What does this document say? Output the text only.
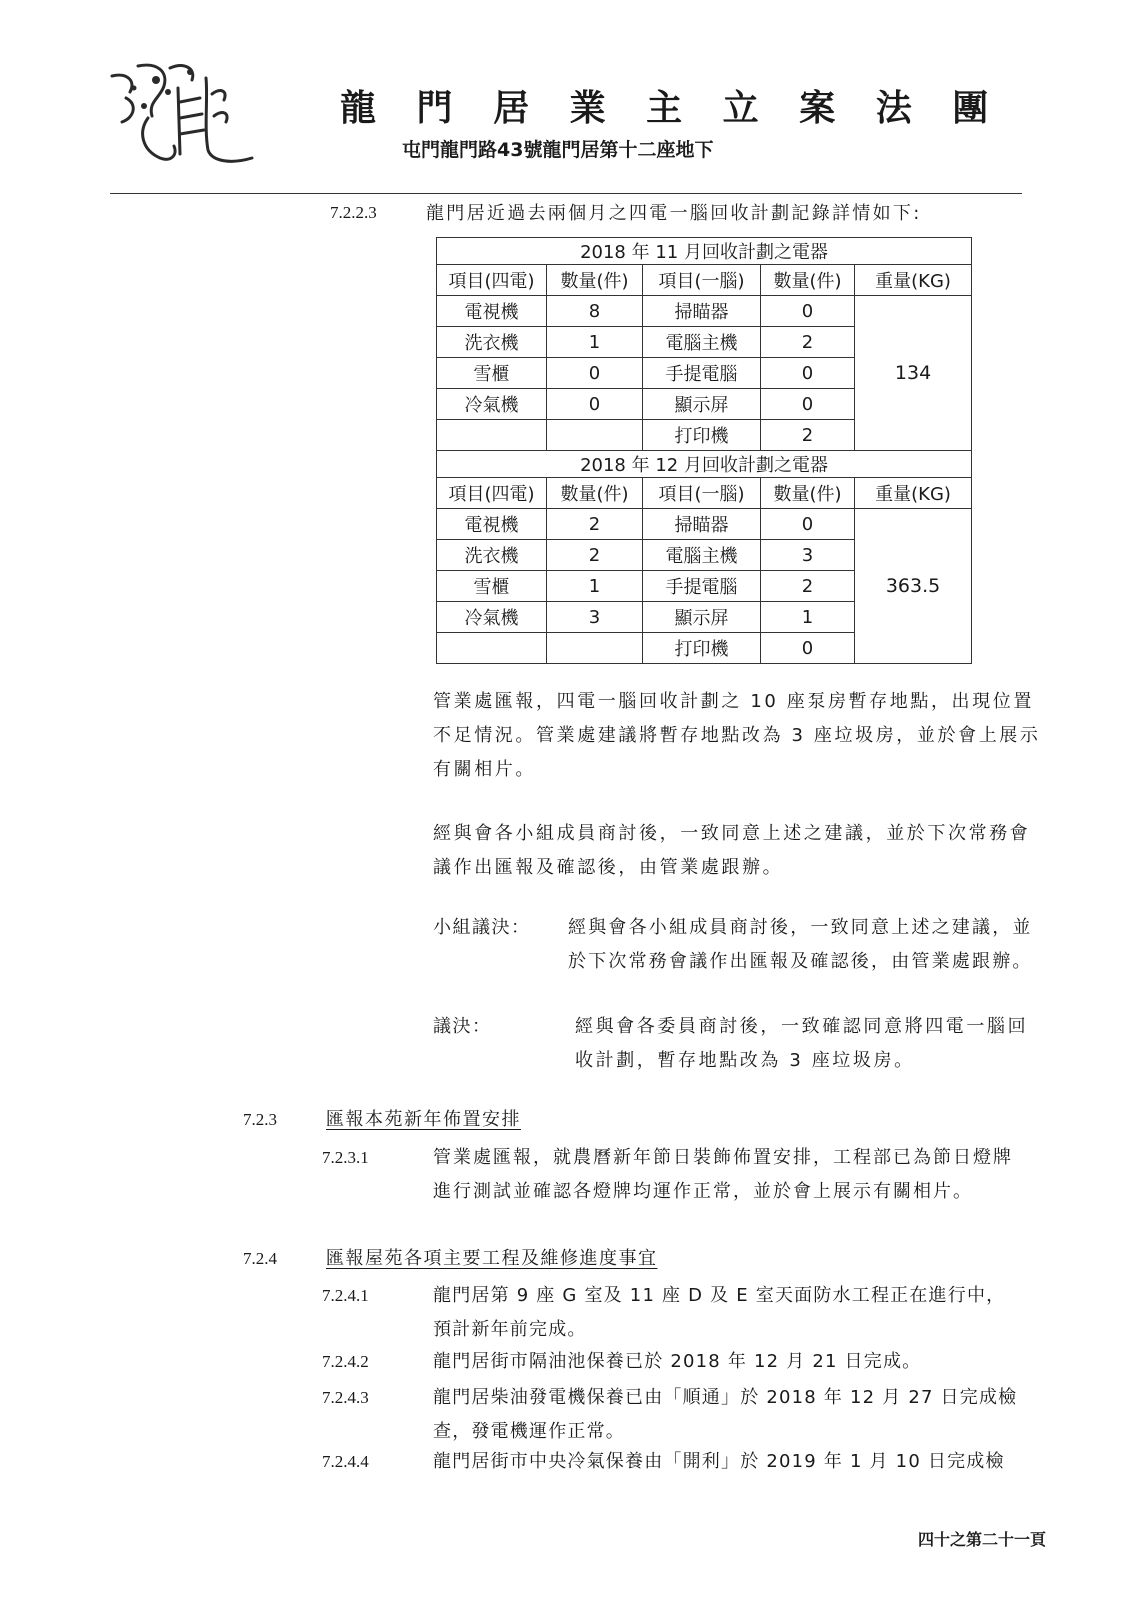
龍 門 居 業 主 立 案 法 團
屯門龍門路43號龍門居第十二座地下
7.2.2.3	龍門居近過去兩個月之四電一腦回收計劃記錄詳情如下:
2018 年 11 月回收計劃之電器				
項目(四電)	數量(件)	項目(一腦)	數量(件)	重量(KG)
電視機	8	掃瞄器	0	134
洗衣機	1	電腦主機	2	
雪櫃	0	手提電腦	0	
冷氣機	0	顯示屏	0	
		打印機	2	
2018 年 12 月回收計劃之電器				
項目(四電)	數量(件)	項目(一腦)	數量(件)	重量(KG)
電視機	2	掃瞄器	0	363.5
洗衣機	2	電腦主機	3	
雪櫃	1	手提電腦	2	
冷氣機	3	顯示屏	1	
		打印機	0	
管業處匯報，四電一腦回收計劃之 10 座泵房暫存地點，出現位置
不足情況。管業處建議將暫存地點改為 3 座垃圾房，並於會上展示
有關相片。
經與會各小組成員商討後，一致同意上述之建議，並於下次常務會
議作出匯報及確認後，由管業處跟辦。
小組議決： 經與會各小組成員商討後，一致同意上述之建議，並
於下次常務會議作出匯報及確認後，由管業處跟辦。
議決：	經與會各委員商討後，一致確認同意將四電一腦回
收計劃，暫存地點改為 3 座垃圾房。
7.2.3	匯報本苑新年佈置安排
7.2.3.1	管業處匯報，就農曆新年節日裝飾佈置安排，工程部已為節日燈牌
進行測試並確認各燈牌均運作正常，並於會上展示有關相片。
7.2.4	匯報屋苑各項主要工程及維修進度事宜
7.2.4.1	龍門居第 9 座 G 室及 11 座 D 及 E 室天面防水工程正在進行中，
預計新年前完成。
7.2.4.2	龍門居街市隔油池保養已於 2018 年 12 月 21 日完成。
7.2.4.3	龍門居柴油發電機保養已由「順通」於 2018 年 12 月 27 日完成檢
查，發電機運作正常。
7.2.4.4	龍門居街市中央冷氣保養由「開利」於 2019 年 1 月 10 日完成檢
四十之第二十一頁
